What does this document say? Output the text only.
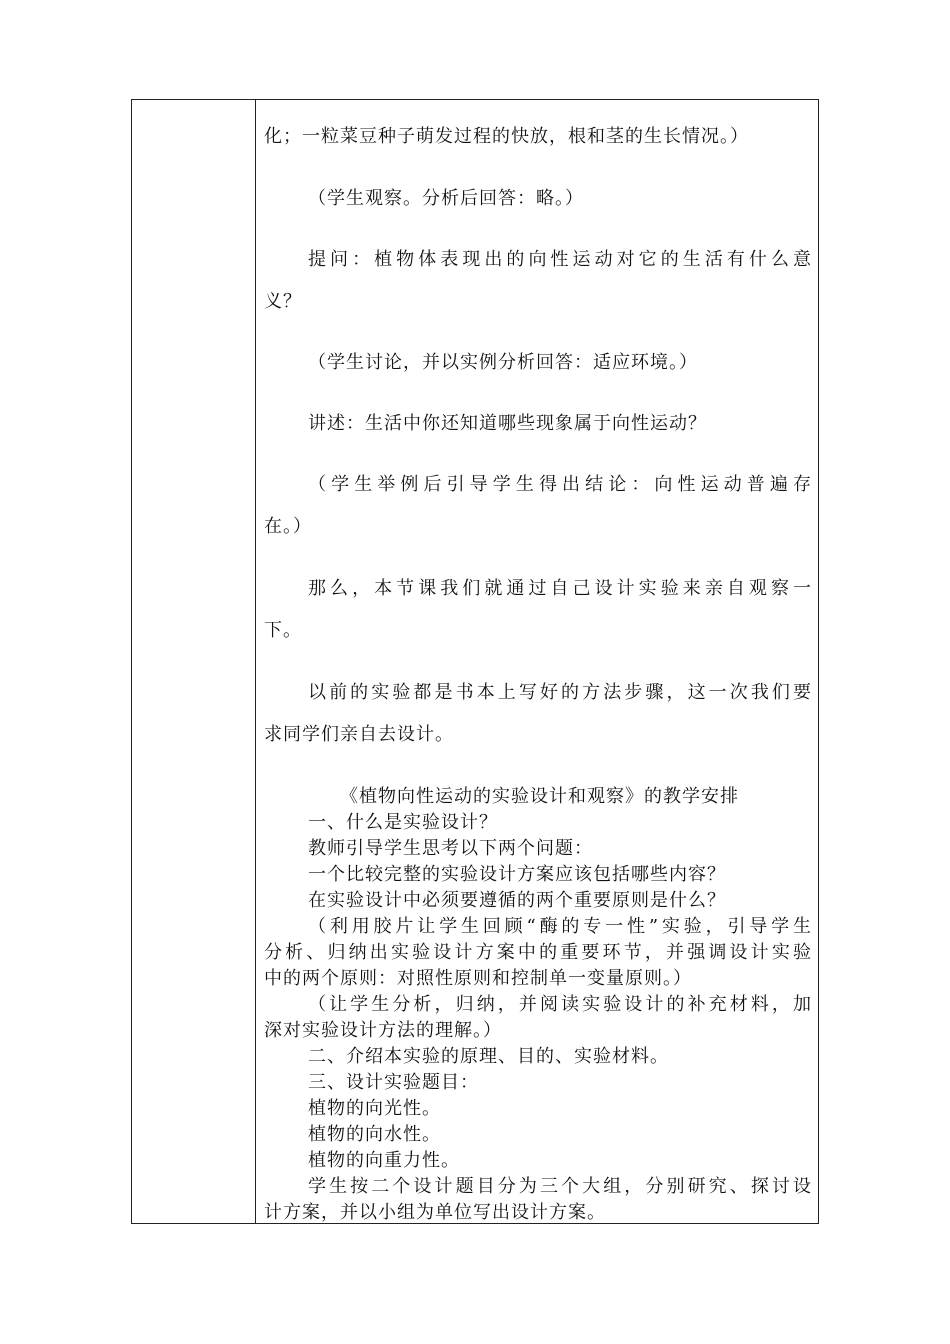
化；一粒菜豆种子萌发过程的快放，根和茎的生长情况。）
（学生观察。分析后回答：略。）
提问：植物体表现出的向性运动对它的生活有什么意
义？
（学生讨论，并以实例分析回答：适应环境。）
讲述：生活中你还知道哪些现象属于向性运动？
（学生举例后引导学生得出结论：向性运动普遍存
在。）
那么，本节课我们就通过自己设计实验来亲自观察一
下。
以前的实验都是书本上写好的方法步骤，这一次我们要
求同学们亲自去设计。
《植物向性运动的实验设计和观察》的教学安排
一、什么是实验设计？
教师引导学生思考以下两个问题：
一个比较完整的实验设计方案应该包括哪些内容？
在实验设计中必须要遵循的两个重要原则是什么？
（利用胶片让学生回顾“酶的专一性”实验，引导学生
分析、归纳出实验设计方案中的重要环节，并强调设计实验
中的两个原则：对照性原则和控制单一变量原则。）
（让学生分析，归纳，并阅读实验设计的补充材料，加
深对实验设计方法的理解。）
二、介绍本实验的原理、目的、实验材料。
三、设计实验题目：
植物的向光性。
植物的向水性。
植物的向重力性。
学生按二个设计题目分为三个大组，分别研究、探讨设
计方案，并以小组为单位写出设计方案。
